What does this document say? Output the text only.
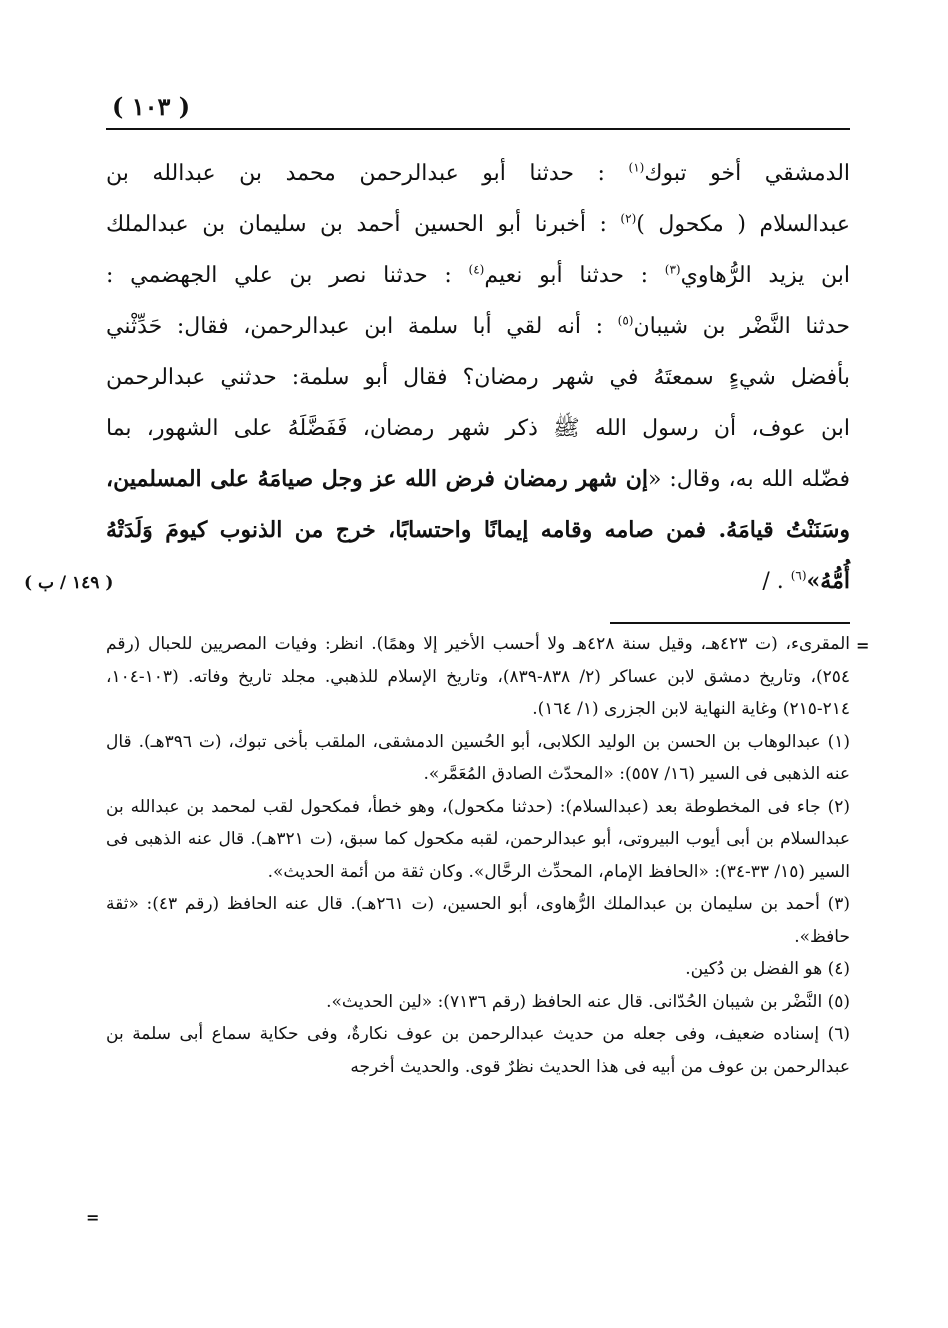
( ١٠٣ )

الدمشقي أخو تبوك$^{(١)}$ : حدثنا أبو عبدالرحمن محمد بن عبدالله بن

عبدالسلام ( مكحول )$^{(٢)}$ : أخبرنا أبو الحسين أحمد بن سليمان بن عبدالملك

ابن يزيد الرُّهاوي$^{(٣)}$ : حدثنا أبو نعيم$^{(٤)}$ : حدثنا نصر بن علي الجهضمي :

حدثنا النَّضْر بن شيبان$^{(٥)}$ : أنه لقي أبا سلمة ابن عبدالرحمن، فقال: حَدِّثْني

بأفضل شيءٍ سمعتَهُ في شهر رمضان؟ فقال أبو سلمة: حدثني عبدالرحمن

ابن عوف، أن رسول الله ﷺ ذكر شهر رمضان، فَفَضَّلَهُ على الشهور، بما

فضّله الله به، وقال: «إن شهر رمضان فرض الله عز وجل صيامَهُ على المسلمين،

وسَنَنْتُ قيامَهُ. فمن صامه وقامه إيمانًا واحتسابًا، خرج من الذنوب كيومَ وَلَدَتْهُ

أُمُّهُ»$^{(٦)}$ . /

( ١٤٩ / ب )
=

المقرىء، (ت ٤٢٣هـ، وقيل سنة ٤٢٨هـ ولا أحسب الأخير إلا وهمًا). انظر: وفيات المصريين للحبال (رقم ٢٥٤)، وتاريخ دمشق لابن عساكر (٢/ ٨٣٨-٨٣٩)، وتاريخ الإسلام للذهبي. مجلد تاريخ وفاته. (١٠٣-١٠٤، ٢١٤-٢١٥) وغاية النهاية لابن الجزرى (١/ ١٦٤).

(١) عبدالوهاب بن الحسن بن الوليد الكلابى، أبو الحُسين الدمشقى، الملقب بأخى تبوك، (ت ٣٩٦هـ). قال عنه الذهبى فى السير (١٦/ ٥٥٧): «المحدّث الصادق المُعَمَّر».

(٢) جاء فى المخطوطة بعد (عبدالسلام): (حدثنا مكحول)، وهو خطأ، فمكحول لقب لمحمد بن عبدالله بن عبدالسلام بن أبى أيوب البيروتى، أبو عبدالرحمن، لقبه مكحول كما سبق، (ت ٣٢١هـ). قال عنه الذهبى فى السير (١٥/ ٣٣-٣٤): «الحافظ الإمام، المحدِّث الرحَّال». وكان ثقة من أئمة الحديث».

(٣) أحمد بن سليمان بن عبدالملك الرُّهاوى، أبو الحسين، (ت ٢٦١هـ). قال عنه الحافظ (رقم ٤٣): «ثقة حافظ».

(٤) هو الفضل بن دُكين.

(٥) النَّضْر بن شيبان الحُدّانى. قال عنه الحافظ (رقم ٧١٣٦): «لين الحديث».

(٦) إسناده ضعيف، وفى جعله من حديث عبدالرحمن بن عوف نكارةٌ، وفى حكاية سماع أبى سلمة بن عبدالرحمن بن عوف من أبيه فى هذا الحديث نظرٌ قوى. والحديث أخرجه

=
